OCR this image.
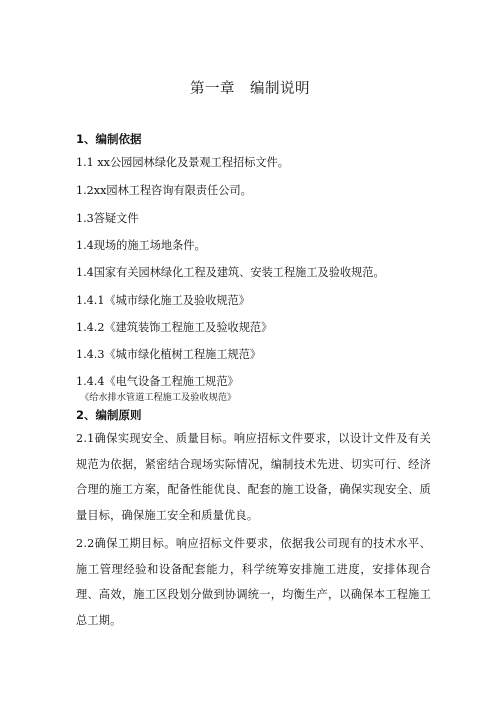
第一章　编制说明
1、编制依据
1.1 xx公园园林绿化及景观工程招标文件。
1.2xx园林工程咨询有限责任公司。
1.3答疑文件
1.4现场的施工场地条件。
1.4国家有关园林绿化工程及建筑、安装工程施工及验收规范。
1.4.1《城市绿化施工及验收规范》
1.4.2《建筑装饰工程施工及验收规范》
1.4.3《城市绿化植树工程施工规范》
1.4.4《电气设备工程施工规范》
《给水排水管道工程施工及验收规范》
2、编制原则
2.1确保实现安全、质量目标。响应招标文件要求，以设计文件及有关规范为依据，紧密结合现场实际情况，编制技术先进、切实可行、经济合理的施工方案，配备性能优良、配套的施工设备，确保实现安全、质量目标，确保施工安全和质量优良。
2.2确保工期目标。响应招标文件要求，依据我公司现有的技术水平、施工管理经验和设备配套能力，科学统筹安排施工进度，安排体现合理、高效，施工区段划分做到协调统一，均衡生产，以确保本工程施工总工期。
